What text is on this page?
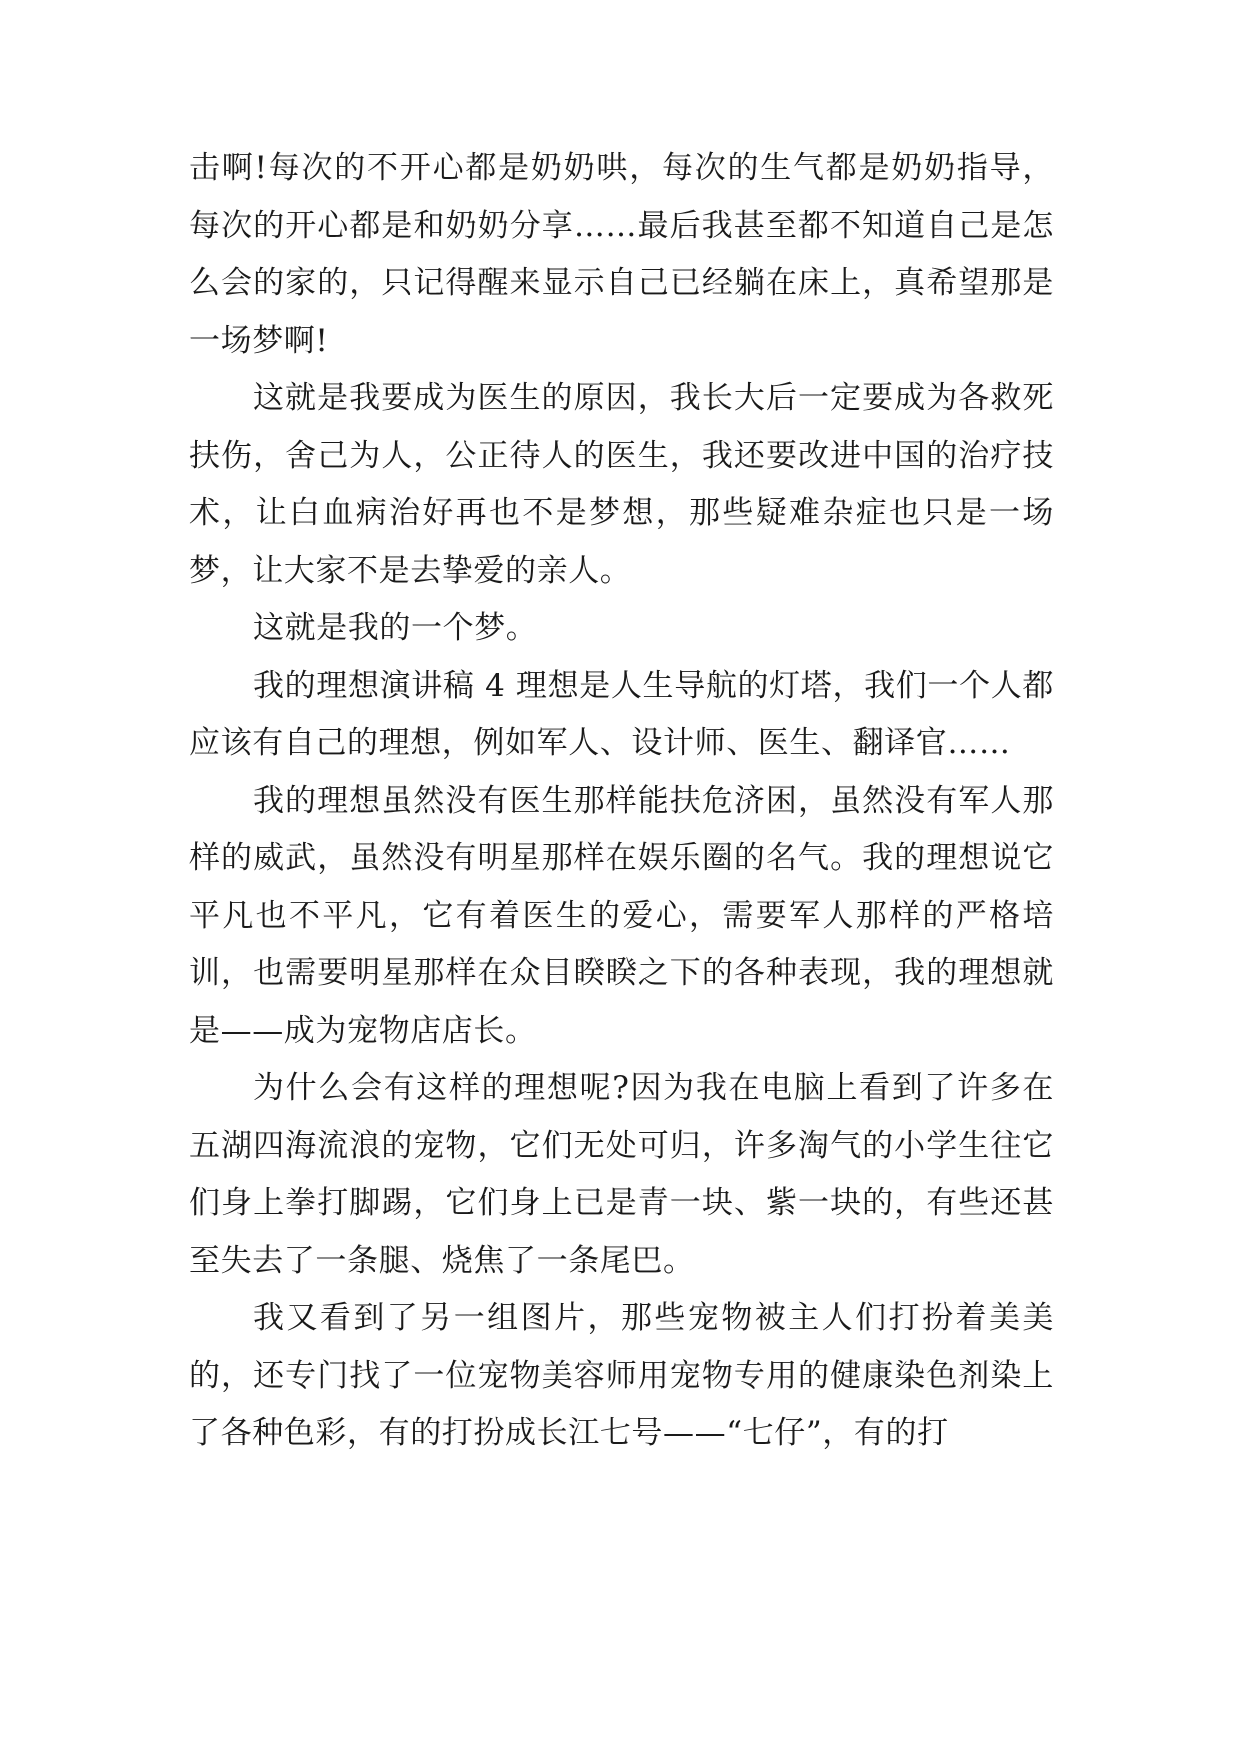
击啊!每次的不开心都是奶奶哄，每次的生气都是奶奶指导，每次的开心都是和奶奶分享……最后我甚至都不知道自己是怎么会的家的，只记得醒来显示自己已经躺在床上，真希望那是一场梦啊!

这就是我要成为医生的原因，我长大后一定要成为各救死扶伤，舍己为人，公正待人的医生，我还要改进中国的治疗技术，让白血病治好再也不是梦想，那些疑难杂症也只是一场梦，让大家不是去挚爱的亲人。

这就是我的一个梦。

我的理想演讲稿 4 理想是人生导航的灯塔，我们一个人都应该有自己的理想，例如军人、设计师、医生、翻译官……

我的理想虽然没有医生那样能扶危济困，虽然没有军人那样的威武，虽然没有明星那样在娱乐圈的名气。我的理想说它平凡也不平凡，它有着医生的爱心，需要军人那样的严格培训，也需要明星那样在众目睽睽之下的各种表现，我的理想就是——成为宠物店店长。

为什么会有这样的理想呢?因为我在电脑上看到了许多在五湖四海流浪的宠物，它们无处可归，许多淘气的小学生往它们身上拳打脚踢，它们身上已是青一块、紫一块的，有些还甚至失去了一条腿、烧焦了一条尾巴。

我又看到了另一组图片，那些宠物被主人们打扮着美美的，还专门找了一位宠物美容师用宠物专用的健康染色剂染上了各种色彩，有的打扮成长江七号——“七仔”，有的打
